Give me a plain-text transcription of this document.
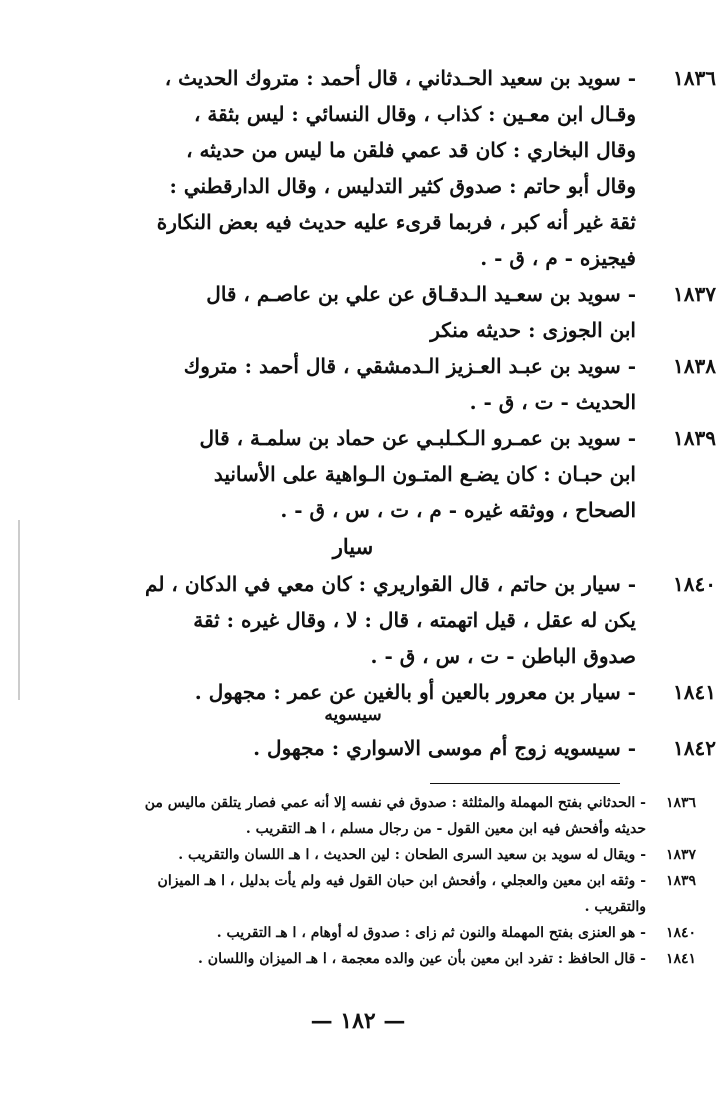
١٨٣٦
- سويد بن سعيد الحـدثاني ، قال أحمد : متروك الحديث ،
وقـال ابن معـين : كذاب ، وقال النسائي : ليس بثقة ،
وقال البخاري : كان قد عمي فلقن ما ليس من حديثه ،
وقال أبو حاتم : صدوق كثير التدليس ، وقال الدارقطني :
ثقة غير أنه كبر ، فربما قرىء عليه حديث فيه بعض النكارة
فيجيزه - م ، ق - .
١٨٣٧
- سويد بن سعـيد الـدقـاق عن علي بن عاصـم ، قال
ابن الجوزى : حديثه منكر
١٨٣٨
- سويد بن عبـد العـزيز الـدمشقي ، قال أحمد : متروك
الحديث - ت ، ق - .
١٨٣٩
- سويد بن عمـرو الـكـلبـي عن حماد بن سلمـة ، قال
ابن حبـان : كان يضـع المتـون الـواهية على الأسانيد
الصحاح ، ووثقه غيره - م ، ت ، س ، ق - .
سيار
١٨٤٠
- سيار بن حاتم ، قال القواريري : كان معي في الدكان ، لم
يكن له عقل ، قيل اتهمته ، قال : لا ، وقال غيره : ثقة
صدوق الباطن - ت ، س ، ق - .
١٨٤١
- سيار بن معرور بالعين أو بالغين عن عمر : مجهول .
سيسويه
١٨٤٢
- سيسويه زوج أم موسى الاسواري : مجهول .
١٨٣٦
- الحدثاني بفتح المهملة والمثلثة : صدوق في نفسه إلا أنه عمي فصار يتلقن ماليس من
حديثه وأفحش فيه ابن معين القول - من رجال مسلم ، ا هـ التقريب .
١٨٣٧
- ويقال له سويد بن سعيد السرى الطحان : لين الحديث ، ا هـ اللسان والتقريب .
١٨٣٩
- وثقه ابن معين والعجلي ، وأفحش ابن حبان القول فيه ولم يأت بدليل ، ا هـ الميزان
والتقريب .
١٨٤٠
- هو العنزى بفتح المهملة والنون ثم زاى : صدوق له أوهام ، ا هـ التقريب .
١٨٤١
- قال الحافظ : تفرد ابن معين بأن عين والده معجمة ، ا هـ الميزان واللسان .
— ١٨٢ —
